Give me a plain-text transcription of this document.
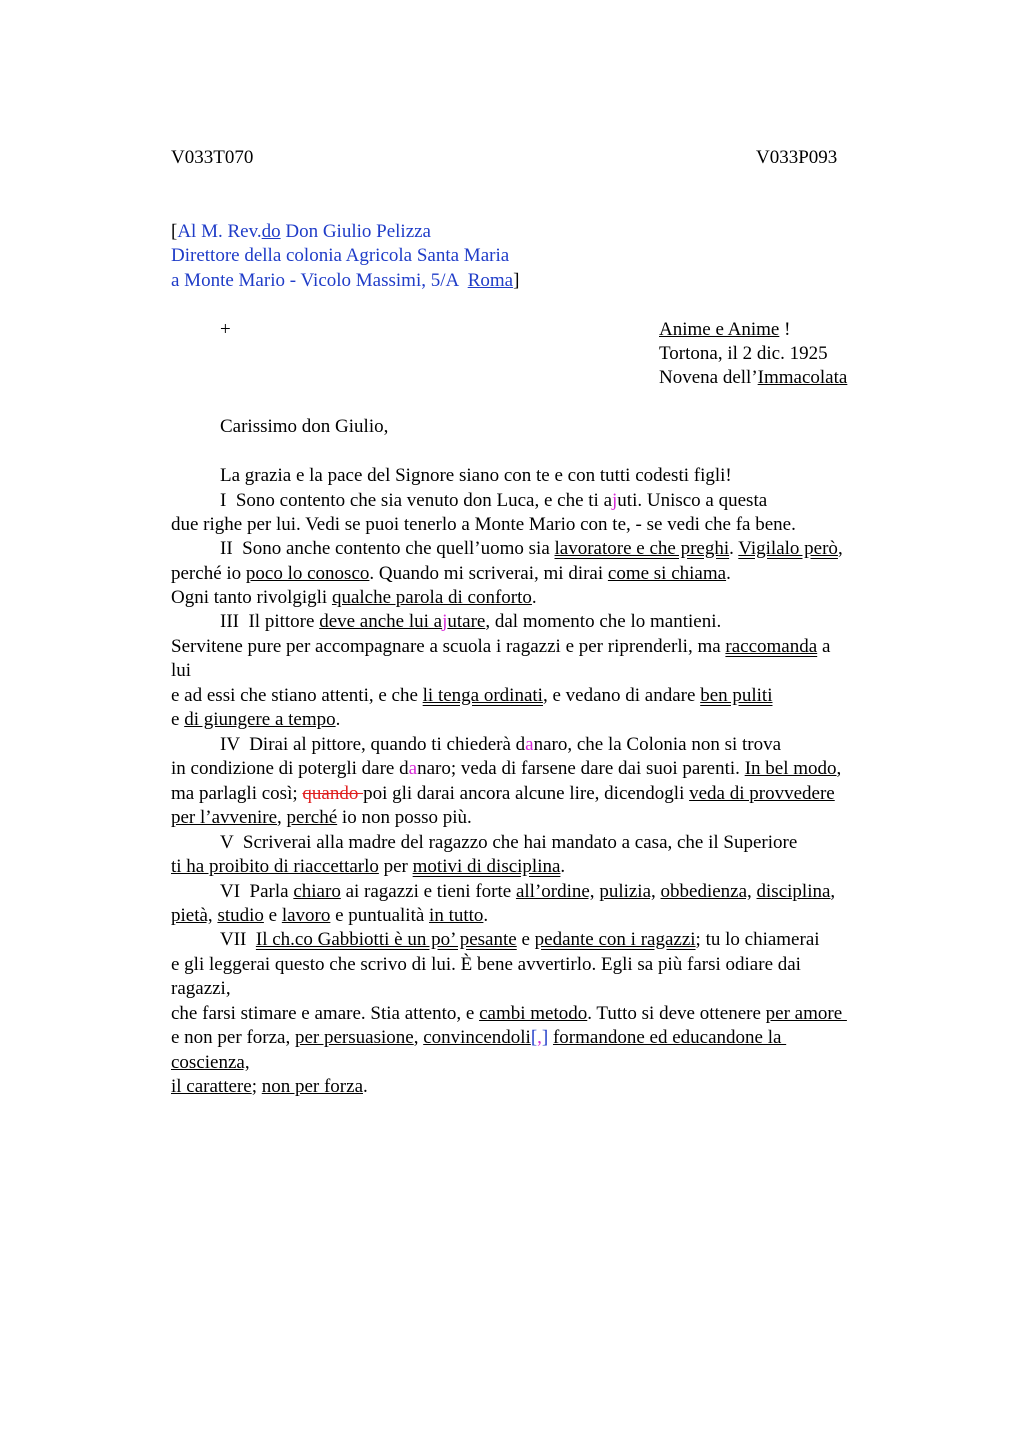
V033T070	V033P093
[Al M. Rev.do Don Giulio Pelizza
Direttore della colonia Agricola Santa Maria
a Monte Mario - Vicolo Massimi, 5/A  Roma]
+	Anime e Anime !
Tortona, il 2 dic. 1925
Novena dell’Immacolata
Carissimo don Giulio,
La grazia e la pace del Signore siano con te e con tutti codesti figli!
I  Sono contento che sia venuto don Luca, e che ti ajuti. Unisco a questa
due righe per lui. Vedi se puoi tenerlo a Monte Mario con te, - se vedi che fa bene.
II  Sono anche contento che quell’uomo sia lavoratore e che preghi. Vigilalo però,
perché io poco lo conosco. Quando mi scriverai, mi dirai come si chiama.
Ogni tanto rivolgigli qualche parola di conforto.
III  Il pittore deve anche lui ajutare, dal momento che lo mantieni.
Servitene pure per accompagnare a scuola i ragazzi e per riprenderli, ma raccomanda a
lui
e ad essi che stiano attenti, e che li tenga ordinati, e vedano di andare ben puliti
e di giungere a tempo.
IV  Dirai al pittore, quando ti chiederà danaro, che la Colonia non si trova
in condizione di potergli dare danaro; veda di farsene dare dai suoi parenti. In bel modo,
ma parlagli così; quando poi gli darai ancora alcune lire, dicendogli veda di provvedere
per l’avvenire, perché io non posso più.
V  Scriverai alla madre del ragazzo che hai mandato a casa, che il Superiore
ti ha proibito di riaccettarlo per motivi di disciplina.
VI  Parla chiaro ai ragazzi e tieni forte all’ordine, pulizia, obbedienza, disciplina,
pietà, studio e lavoro e puntualità in tutto.
VII  Il ch.co Gabbiotti è un po’ pesante e pedante con i ragazzi; tu lo chiamerai
e gli leggerai questo che scrivo di lui. È bene avvertirlo. Egli sa più farsi odiare dai
ragazzi,
che farsi stimare e amare. Stia attento, e cambi metodo. Tutto si deve ottenere per amore
e non per forza, per persuasione, convincendoli[,] formandone ed educandone la
coscienza,
il carattere; non per forza.
